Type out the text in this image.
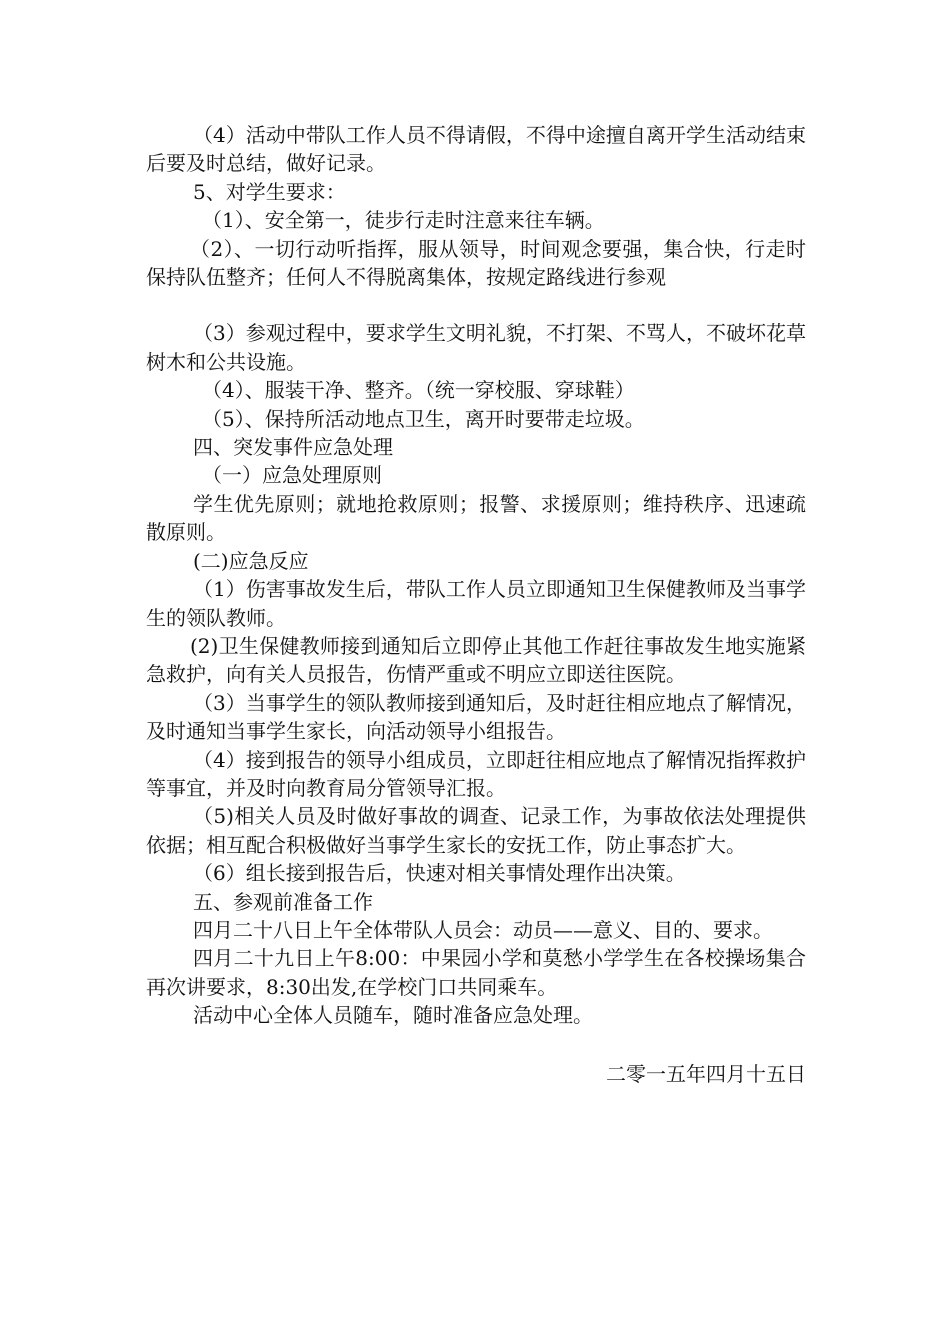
（4）活动中带队工作人员不得请假，不得中途擅自离开学生活动结束后要及时总结，做好记录。

5、对学生要求：

（1）、安全第一，徒步行走时注意来往车辆。

（2）、一切行动听指挥，服从领导，时间观念要强，集合快，行走时保持队伍整齐；任何人不得脱离集体，按规定路线进行参观

（3）参观过程中，要求学生文明礼貌，不打架、不骂人，不破坏花草树木和公共设施。

（4）、服装干净、整齐。（统一穿校服、穿球鞋）

（5）、保持所活动地点卫生，离开时要带走垃圾。

四、突发事件应急处理

（一）应急处理原则

学生优先原则；就地抢救原则；报警、求援原则；维持秩序、迅速疏散原则。

(二)应急反应

（1）伤害事故发生后，带队工作人员立即通知卫生保健教师及当事学生的领队教师。

(2)卫生保健教师接到通知后立即停止其他工作赶往事故发生地实施紧急救护，向有关人员报告，伤情严重或不明应立即送往医院。

（3）当事学生的领队教师接到通知后，及时赶往相应地点了解情况，及时通知当事学生家长，向活动领导小组报告。

（4）接到报告的领导小组成员，立即赶往相应地点了解情况指挥救护等事宜，并及时向教育局分管领导汇报。

（5)相关人员及时做好事故的调查、记录工作，为事故依法处理提供依据；相互配合积极做好当事学生家长的安抚工作，防止事态扩大。

（6）组长接到报告后，快速对相关事情处理作出决策。

五、参观前准备工作

四月二十八日上午全体带队人员会：动员——意义、目的、要求。

四月二十九日上午8:00：中果园小学和莫愁小学学生在各校操场集合再次讲要求，8:30出发,在学校门口共同乘车。

活动中心全体人员随车，随时准备应急处理。

二零一五年四月十五日
